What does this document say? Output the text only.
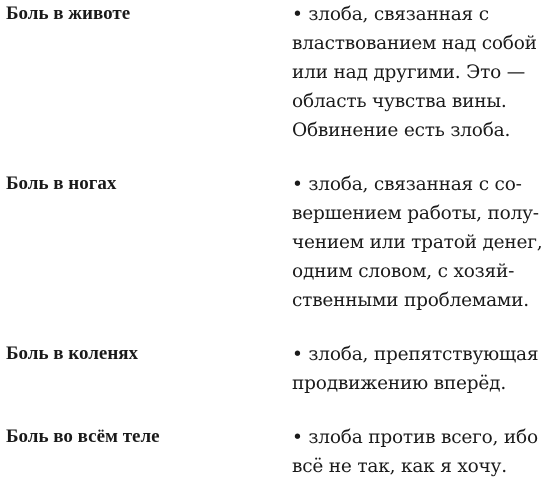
Боль в животе	• злоба, связанная с
властвованием над собой
или над другими. Это —
область чувства вины.
Обвинение есть злоба.
Боль в ногах	• злоба, связанная с со-
вершением работы, полу-
чением или тратой денег,
одним словом, с хозяй-
ственными проблемами.
Боль в коленях	• злоба, препятствующая
продвижению вперёд.
Боль во всём теле	• злоба против всего, ибо
всё не так, как я хочу.
